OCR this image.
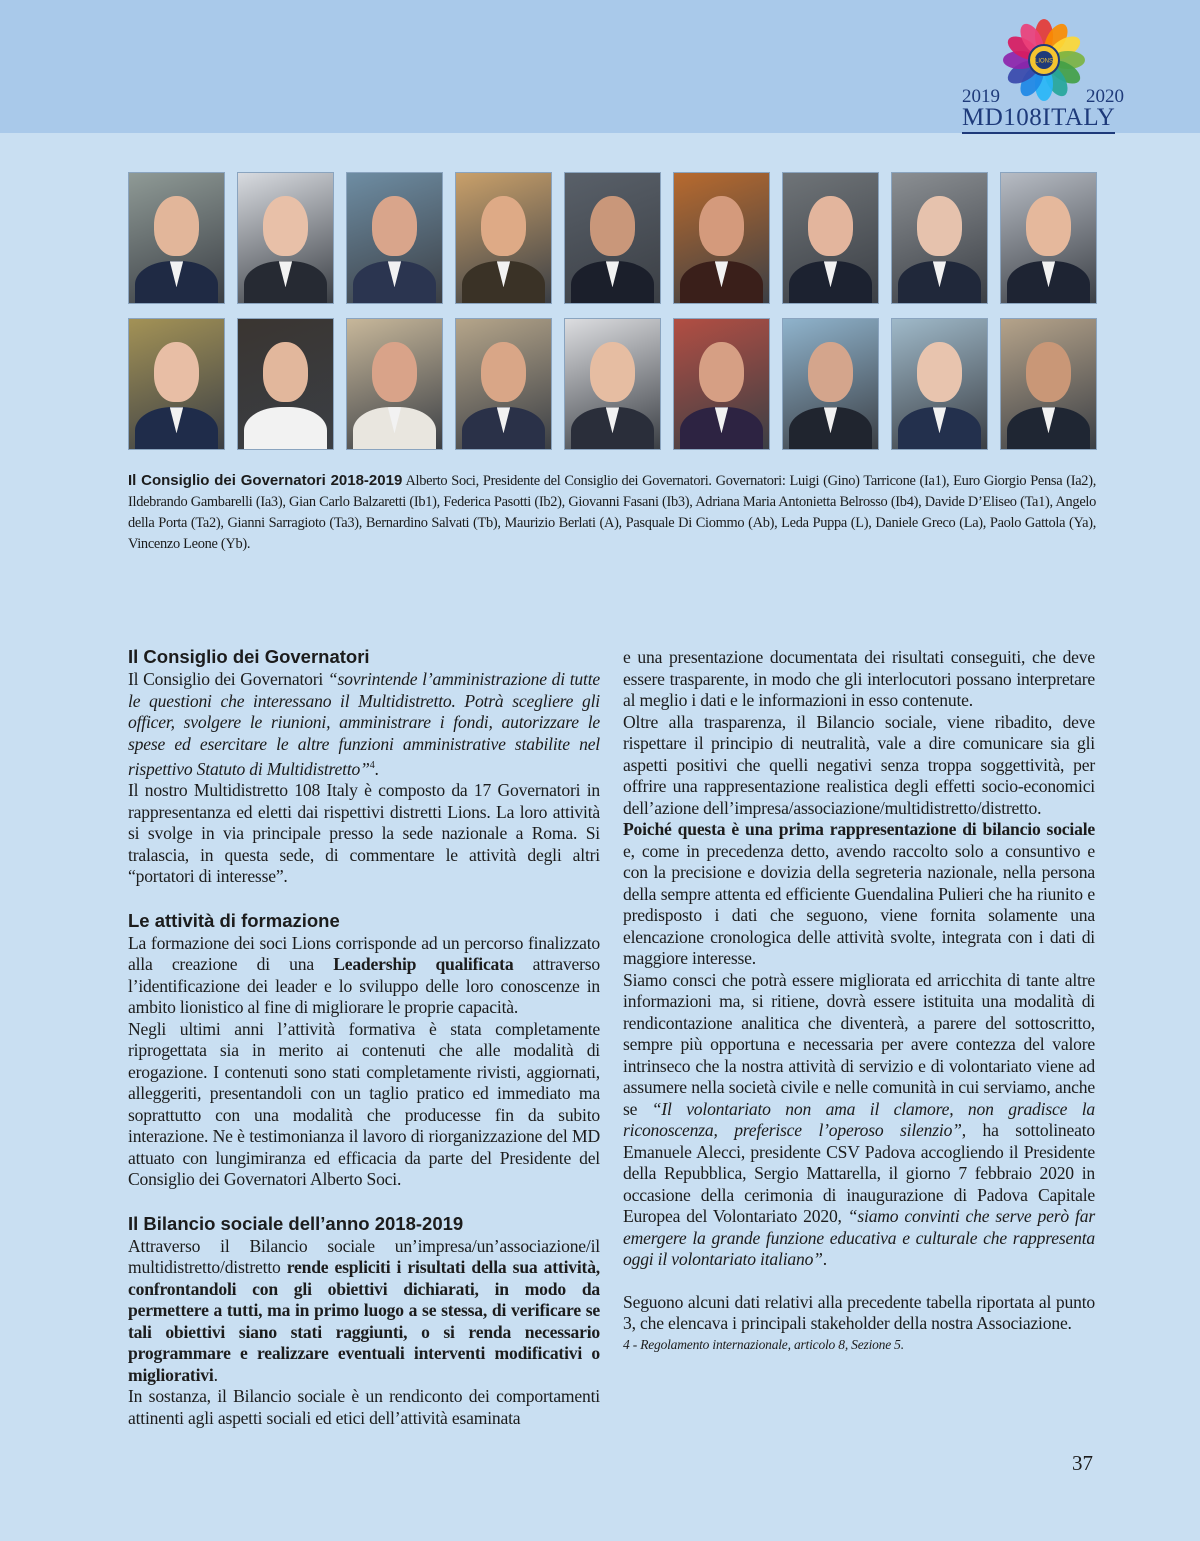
LIONS
2019	2020
MD108ITALY
Il Consiglio dei Governatori 2018-2019 Alberto Soci, Presidente del Consiglio dei Governatori. Governatori: Luigi (Gino) Tarricone (Ia1), Euro Giorgio Pensa (Ia2), Ildebrando Gambarelli (Ia3), Gian Carlo Balzaretti (Ib1), Federica Pasotti (Ib2), Giovanni Fasani (Ib3), Adriana Maria Antonietta Belrosso (Ib4), Davide D’Eliseo (Ta1), Angelo della Porta (Ta2), Gianni Sarragioto (Ta3), Bernardino Salvati (Tb), Maurizio Berlati (A), Pasquale Di Ciommo (Ab), Leda Puppa (L), Daniele Greco (La), Paolo Gattola (Ya), Vincenzo Leone (Yb).
Il Consiglio dei Governatori

Il Consiglio dei Governatori “sovrintende l’amministrazione di tutte le questioni che interessano il Multidistretto. Potrà scegliere gli officer, svolgere le riunioni, amministrare i fondi, autorizzare le spese ed esercitare le altre funzioni amministrative stabilite nel rispettivo Statuto di Multidistretto”$^4$.

Il nostro Multidistretto 108 Italy è composto da 17 Governatori in rappresentanza ed eletti dai rispettivi distretti Lions. La loro attività si svolge in via principale presso la sede nazionale a Roma. Si tralascia, in questa sede, di commentare le attività degli altri “portatori di interesse”.

Le attività di formazione

La formazione dei soci Lions corrisponde ad un percorso finalizzato alla creazione di una Leadership qualificata attraverso l’identificazione dei leader e lo sviluppo delle loro conoscenze in ambito lionistico al fine di migliorare le proprie capacità.

Negli ultimi anni l’attività formativa è stata completamente riprogettata sia in merito ai contenuti che alle modalità di erogazione. I contenuti sono stati completamente rivisti, aggiornati, alleggeriti, presentandoli con un taglio pratico ed immediato ma soprattutto con una modalità che producesse fin da subito interazione. Ne è testimonianza il lavoro di riorganizzazione del MD attuato con lungimiranza ed efficacia da parte del Presidente del Consiglio dei Governatori Alberto Soci.

Il Bilancio sociale dell’anno 2018-2019

Attraverso il Bilancio sociale un’impresa/un’associazione/il multidistretto/distretto rende espliciti i risultati della sua attività, confrontandoli con gli obiettivi dichiarati, in modo da permettere a tutti, ma in primo luogo a se stessa, di verificare se tali obiettivi siano stati raggiunti, o si renda necessario programmare e realizzare eventuali interventi modificativi o migliorativi.

In sostanza, il Bilancio sociale è un rendiconto dei comportamenti attinenti agli aspetti sociali ed etici dell’attività esaminata

e una presentazione documentata dei risultati conseguiti, che deve essere trasparente, in modo che gli interlocutori possano interpretare al meglio i dati e le informazioni in esso contenute.

Oltre alla trasparenza, il Bilancio sociale, viene ribadito, deve rispettare il principio di neutralità, vale a dire comunicare sia gli aspetti positivi che quelli negativi senza troppa soggettività, per offrire una rappresentazione realistica degli effetti socio-economici dell’azione dell’impresa/associazione/multidistretto/distretto.

Poiché questa è una prima rappresentazione di bilancio sociale e, come in precedenza detto, avendo raccolto solo a consuntivo e con la precisione e dovizia della segreteria nazionale, nella persona della sempre attenta ed efficiente Guendalina Pulieri che ha riunito e predisposto i dati che seguono, viene fornita solamente una elencazione cronologica delle attività svolte, integrata con i dati di maggiore interesse.

Siamo consci che potrà essere migliorata ed arricchita di tante altre informazioni ma, si ritiene, dovrà essere istituita una modalità di rendicontazione analitica che diventerà, a parere del sottoscritto, sempre più opportuna e necessaria per avere contezza del valore intrinseco che la nostra attività di servizio e di volontariato viene ad assumere nella società civile e nelle comunità in cui serviamo, anche se “Il volontariato non ama il clamore, non gradisce la riconoscenza, preferisce l’operoso silenzio”, ha sottolineato Emanuele Alecci, presidente CSV Padova accogliendo il Presidente della Repubblica, Sergio Mattarella, il giorno 7 febbraio 2020 in occasione della cerimonia di inaugurazione di Padova Capitale Europea del Volontariato 2020, “siamo convinti che serve però far emergere la grande funzione educativa e culturale che rappresenta oggi il volontariato italiano”.

Seguono alcuni dati relativi alla precedente tabella riportata al punto 3, che elencava i principali stakeholder della nostra Associazione.

4 - Regolamento internazionale, articolo 8, Sezione 5.

37
